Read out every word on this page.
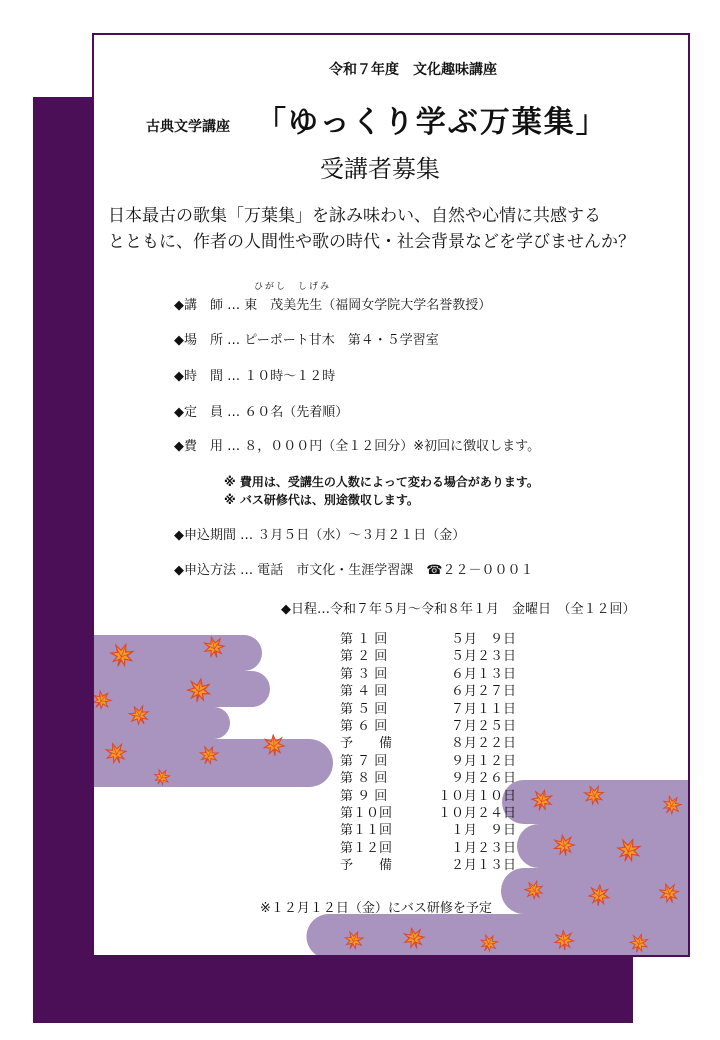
令和７年度　文化趣味講座
古典文学講座 「ゆっくり学ぶ万葉集」
受講者募集
日本最古の歌集「万葉集」を詠み味わい、自然や心情に共感する
とともに、作者の人間性や歌の時代・社会背景などを学びませんか？
ひがし　しげみ
◆講　師 … 東　茂美先生（福岡女学院大学名誉教授）
◆場　所 … ピーポート甘木　第４・５学習室
◆時　間 … １０時～１２時
◆定　員 … ６０名（先着順）
◆費　用 … ８，０００円（全１２回分）※初回に徴収します。
※ 費用は、受講生の人数によって変わる場合があります。
※ バス研修代は、別途徴収します。
◆申込期間 … ３月５日（水）～３月２１日（金）
◆申込方法 … 電話　市文化・生涯学習課　☎２２－０００１
◆日程…令和７年５月～令和８年１月　金曜日　（全１２回）
第 １ 回	５月　９日
第 ２ 回	５月２３日
第 ３ 回	６月１３日
第 ４ 回	６月２７日
第 ５ 回	７月１１日
第 ６ 回	７月２５日
予　　備	８月２２日
第 ７ 回	９月１２日
第 ８ 回	９月２６日
第 ９ 回	１０月１０日
第１０回	１０月２４日
第１１回	１月　９日
第１２回	１月２３日
予　　備	２月１３日
※１２月１２日（金）にバス研修を予定
